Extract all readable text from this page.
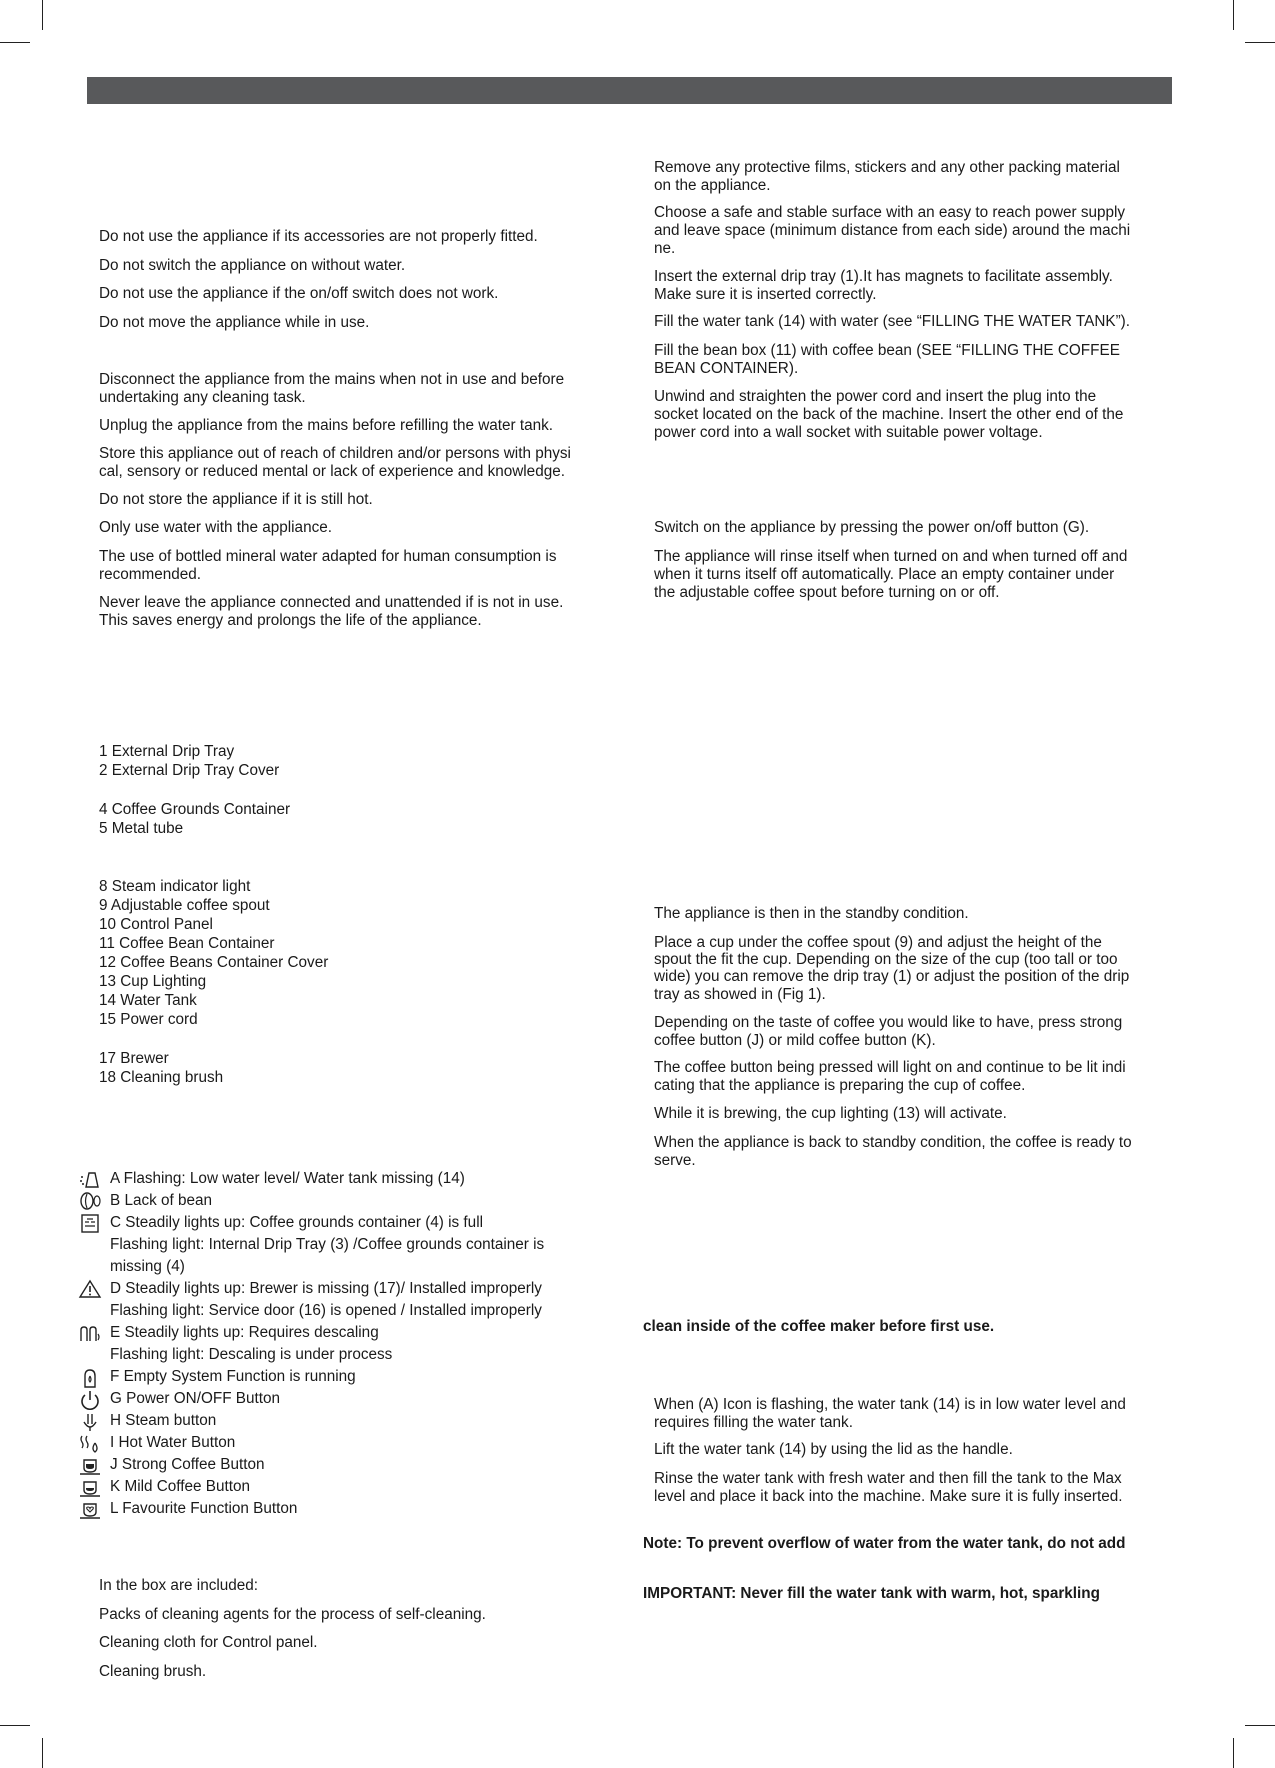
Do not use the appliance if its accessories are not properly fitted.

Do not switch the appliance on without water.

Do not use the appliance if the on/off switch does not work.

Do not move the appliance while in use.

Disconnect the appliance from the mains when not in use and before

undertaking any cleaning task.

Unplug the appliance from the mains before refilling the water tank.

Store this appliance out of reach of children and/or persons with physi

cal, sensory or reduced mental or lack of experience and knowledge.

Do not store the appliance if it is still hot.

Only use water with the appliance.

The use of bottled mineral water adapted for human consumption is

recommended.

Never leave the appliance connected and unattended if is not in use.

This saves energy and prolongs the life of the appliance.

1 External Drip Tray

2 External Drip Tray Cover

4 Coffee Grounds Container

5 Metal tube

8 Steam indicator light

9 Adjustable coffee spout

10 Control Panel

11 Coffee Bean Container

12 Coffee Beans Container Cover

13 Cup Lighting

14 Water Tank

15 Power cord

17 Brewer

18 Cleaning brush

A Flashing: Low water level/ Water tank missing (14)

B Lack of bean

C Steadily lights up: Coffee grounds container (4) is full

Flashing light: Internal Drip Tray (3) /Coffee grounds container is

missing (4)

D Steadily lights up: Brewer is missing (17)/ Installed improperly

Flashing light: Service door (16) is opened / Installed improperly

E Steadily lights up: Requires descaling

Flashing light: Descaling is under process

F Empty System Function is running

G Power ON/OFF Button

H Steam button

I Hot Water Button

J Strong Coffee Button

K Mild Coffee Button

L Favourite Function Button

In the box are included:

Packs of cleaning agents for the process of self-cleaning.

Cleaning cloth for Control panel.

Cleaning brush.

Remove any protective films, stickers and any other packing material

on the appliance.

Choose a safe and stable surface with an easy to reach power supply

and leave space (minimum distance from each side) around the machi

ne.

Insert the external drip tray (1).It has magnets to facilitate assembly.

Make sure it is inserted correctly.

Fill the water tank (14) with water (see “FILLING THE WATER TANK”).

Fill the bean box (11) with coffee bean (SEE “FILLING THE COFFEE

BEAN CONTAINER).

Unwind and straighten the power cord and insert the plug into the

socket located on the back of the machine. Insert the other end of the

power cord into a wall socket with suitable power voltage.

Switch on the appliance by pressing the power on/off button (G).

The appliance will rinse itself when turned on and when turned off and

when it turns itself off automatically. Place an empty container under

the adjustable coffee spout before turning on or off.

The appliance is then in the standby condition.

Place a cup under the coffee spout (9) and adjust the height of the

spout the fit the cup. Depending on the size of the cup (too tall or too

wide) you can remove the drip tray (1) or adjust the position of the drip

tray as showed in (Fig 1).

Depending on the taste of coffee you would like to have, press strong

coffee button (J) or mild coffee button (K).

The coffee button being pressed will light on and continue to be lit indi

cating that the appliance is preparing the cup of coffee.

While it is brewing, the cup lighting (13) will activate.

When the appliance is back to standby condition, the coffee is ready to

serve.

clean inside of the coffee maker before first use.

When (A) Icon is flashing, the water tank (14) is in low water level and

requires filling the water tank.

Lift the water tank (14) by using the lid as the handle.

Rinse the water tank with fresh water and then fill the tank to the Max

level and place it back into the machine. Make sure it is fully inserted.

Note: To prevent overflow of water from the water tank, do not add

IMPORTANT: Never fill the water tank with warm, hot, sparkling
